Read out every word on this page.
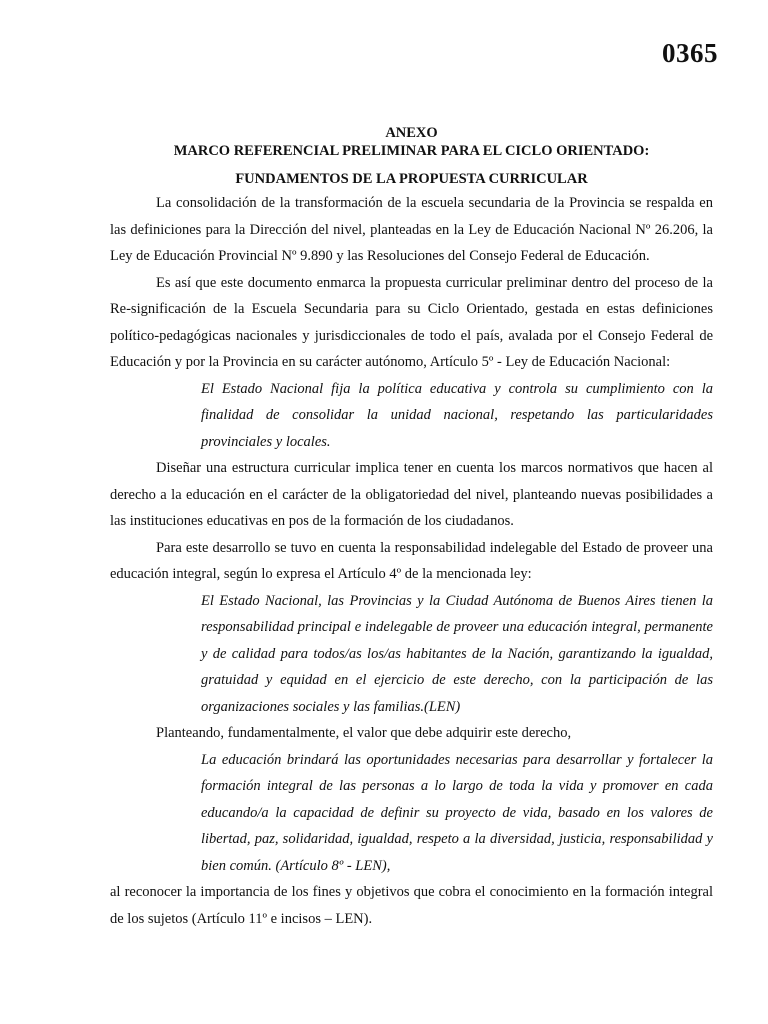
0365

ANEXO

MARCO REFERENCIAL PRELIMINAR PARA EL CICLO ORIENTADO:

FUNDAMENTOS DE LA PROPUESTA CURRICULAR

La consolidación de la transformación de la escuela secundaria de la Provincia se respalda en las definiciones para la Dirección del nivel, planteadas en la Ley de Educación Nacional Nº 26.206, la Ley de Educación Provincial Nº 9.890 y las Resoluciones del Consejo Federal de Educación.

Es así que este documento enmarca la propuesta curricular preliminar dentro del proceso de la Re-significación de la Escuela Secundaria para su Ciclo Orientado, gestada en estas definiciones político-pedagógicas nacionales y jurisdiccionales de todo el país, avalada por el Consejo Federal de Educación y por la Provincia en su carácter autónomo, Artículo 5º - Ley de Educación Nacional:

El Estado Nacional fija la política educativa y controla su cumplimiento con la finalidad de consolidar la unidad nacional, respetando las particularidades provinciales y locales.

Diseñar una estructura curricular implica tener en cuenta los marcos normativos que hacen al derecho a la educación en el carácter de la obligatoriedad del nivel, planteando nuevas posibilidades a las instituciones educativas en pos de la formación de los ciudadanos.

Para este desarrollo se tuvo en cuenta la responsabilidad indelegable del Estado de proveer una educación integral, según lo expresa el Artículo 4º de la mencionada ley:

El Estado Nacional, las Provincias y la Ciudad Autónoma de Buenos Aires tienen la responsabilidad principal e indelegable de proveer una educación integral, permanente y de calidad para todos/as los/as habitantes de la Nación, garantizando la igualdad, gratuidad y equidad en el ejercicio de este derecho, con la participación de las organizaciones sociales y las familias.(LEN)

Planteando, fundamentalmente, el valor que debe adquirir este derecho,

La educación brindará las oportunidades necesarias para desarrollar y fortalecer la formación integral de las personas a lo largo de toda la vida y promover en cada educando/a la capacidad de definir su proyecto de vida, basado en los valores de libertad, paz, solidaridad, igualdad, respeto a la diversidad, justicia, responsabilidad y bien común. (Artículo 8º - LEN),

al reconocer la importancia de los fines y objetivos que cobra el conocimiento en la formación integral de los sujetos (Artículo 11º e incisos – LEN).
